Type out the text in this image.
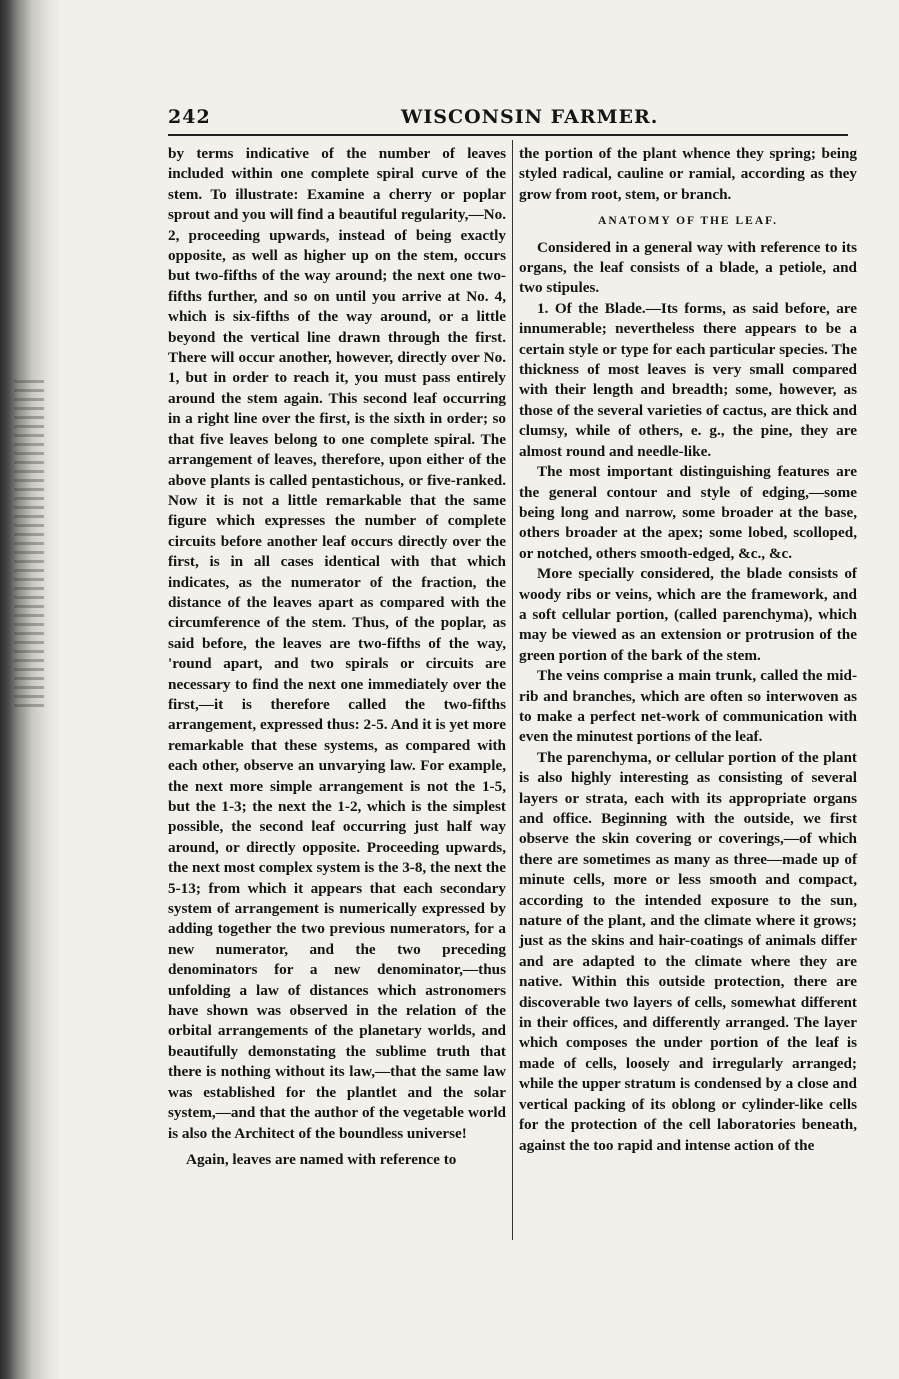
242	WISCONSIN FARMER.

by terms indicative of the number of leaves included within one complete spiral curve of the stem. To illustrate: Examine a cherry or poplar sprout and you will find a beautiful regularity,—No. 2, proceeding upwards, instead of being exactly opposite, as well as higher up on the stem, occurs but two-fifths of the way around; the next one two-fifths further, and so on until you arrive at No. 4, which is six-fifths of the way around, or a little beyond the vertical line drawn through the first. There will occur another, however, directly over No. 1, but in order to reach it, you must pass entirely around the stem again. This second leaf occurring in a right line over the first, is the sixth in order; so that five leaves belong to one complete spiral. The arrangement of leaves, therefore, upon either of the above plants is called pentastichous, or five-ranked. Now it is not a little remarkable that the same figure which expresses the number of complete circuits before another leaf occurs directly over the first, is in all cases identical with that which indicates, as the numerator of the fraction, the distance of the leaves apart as compared with the circumference of the stem. Thus, of the poplar, as said before, the leaves are two-fifths of the way, 'round apart, and two spirals or circuits are necessary to find the next one immediately over the first,—it is therefore called the two-fifths arrangement, expressed thus: 2-5. And it is yet more remarkable that these systems, as compared with each other, observe an unvarying law. For example, the next more simple arrangement is not the 1-5, but the 1-3; the next the 1-2, which is the simplest possible, the second leaf occurring just half way around, or directly opposite. Proceeding upwards, the next most complex system is the 3-8, the next the 5-13; from which it appears that each secondary system of arrangement is numerically expressed by adding together the two previous numerators, for a new numerator, and the two preceding denominators for a new denominator,—thus unfolding a law of distances which astronomers have shown was observed in the relation of the orbital arrangements of the planetary worlds, and beautifully demonstating the sublime truth that there is nothing without its law,—that the same law was established for the plantlet and the solar system,—and that the author of the vegetable world is also the Architect of the boundless universe!

Again, leaves are named with reference to

the portion of the plant whence they spring; being styled radical, cauline or ramial, according as they grow from root, stem, or branch.

ANATOMY OF THE LEAF.

Considered in a general way with reference to its organs, the leaf consists of a blade, a petiole, and two stipules.

1. Of the Blade.—Its forms, as said before, are innumerable; nevertheless there appears to be a certain style or type for each particular species. The thickness of most leaves is very small compared with their length and breadth; some, however, as those of the several varieties of cactus, are thick and clumsy, while of others, e. g., the pine, they are almost round and needle-like.

The most important distinguishing features are the general contour and style of edging,—some being long and narrow, some broader at the base, others broader at the apex; some lobed, scolloped, or notched, others smooth-edged, &c., &c.

More specially considered, the blade consists of woody ribs or veins, which are the framework, and a soft cellular portion, (called parenchyma), which may be viewed as an extension or protrusion of the green portion of the bark of the stem.

The veins comprise a main trunk, called the mid-rib and branches, which are often so interwoven as to make a perfect net-work of communication with even the minutest portions of the leaf.

The parenchyma, or cellular portion of the plant is also highly interesting as consisting of several layers or strata, each with its appropriate organs and office. Beginning with the outside, we first observe the skin covering or coverings,—of which there are sometimes as many as three—made up of minute cells, more or less smooth and compact, according to the intended exposure to the sun, nature of the plant, and the climate where it grows; just as the skins and hair-coatings of animals differ and are adapted to the climate where they are native. Within this outside protection, there are discoverable two layers of cells, somewhat different in their offices, and differently arranged. The layer which composes the under portion of the leaf is made of cells, loosely and irregularly arranged; while the upper stratum is condensed by a close and vertical packing of its oblong or cylinder-like cells for the protection of the cell laboratories beneath, against the too rapid and intense action of the
